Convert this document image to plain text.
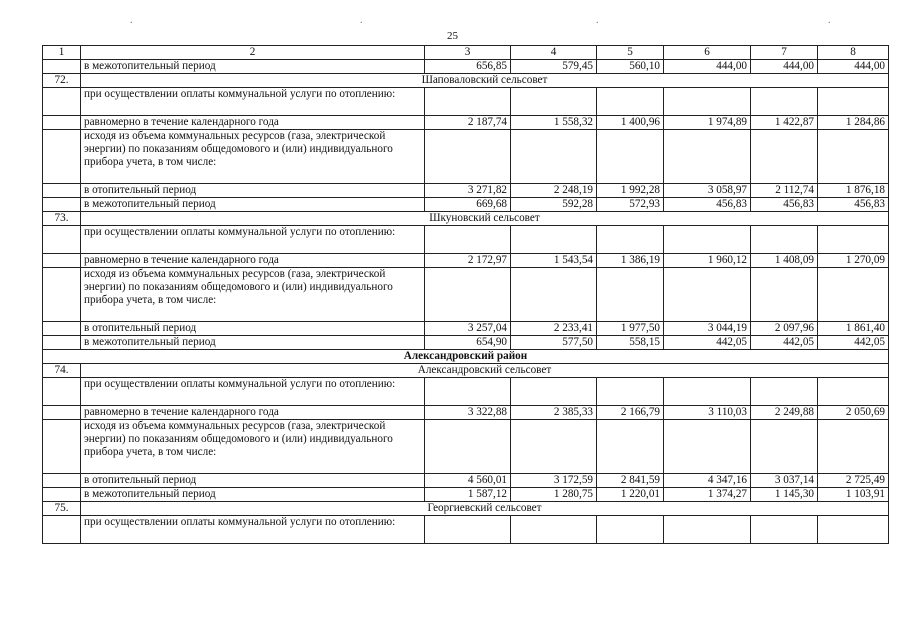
.	.	.	.
25
1	2	3	4	5	6	7	8
	в межотопительный период	656,85	579,45	560,10	444,00	444,00	444,00
72.	Шаповаловский сельсовет						
	при осуществлении оплаты коммунальной услуги по отоплению:						
	равномерно в течение календарного года	2 187,74	1 558,32	1 400,96	1 974,89	1 422,87	1 284,86
	исходя из объема коммунальных ресурсов (газа, электрической энергии) по показаниям общедомового и (или) индивидуального прибора учета, в том числе:						
	в отопительный период	3 271,82	2 248,19	1 992,28	3 058,97	2 112,74	1 876,18
	в межотопительный период	669,68	592,28	572,93	456,83	456,83	456,83
73.	Шкуновский сельсовет						
	при осуществлении оплаты коммунальной услуги по отоплению:						
	равномерно в течение календарного года	2 172,97	1 543,54	1 386,19	1 960,12	1 408,09	1 270,09
	исходя из объема коммунальных ресурсов (газа, электрической энергии) по показаниям общедомового и (или) индивидуального прибора учета, в том числе:						
	в отопительный период	3 257,04	2 233,41	1 977,50	3 044,19	2 097,96	1 861,40
	в межотопительный период	654,90	577,50	558,15	442,05	442,05	442,05
Александровский район							
74.	Александровский сельсовет						
	при осуществлении оплаты коммунальной услуги по отоплению:						
	равномерно в течение календарного года	3 322,88	2 385,33	2 166,79	3 110,03	2 249,88	2 050,69
	исходя из объема коммунальных ресурсов (газа, электрической энергии) по показаниям общедомового и (или) индивидуального прибора учета, в том числе:						
	в отопительный период	4 560,01	3 172,59	2 841,59	4 347,16	3 037,14	2 725,49
	в межотопительный период	1 587,12	1 280,75	1 220,01	1 374,27	1 145,30	1 103,91
75.	Георгиевский сельсовет						
	при осуществлении оплаты коммунальной услуги по отоплению:						
